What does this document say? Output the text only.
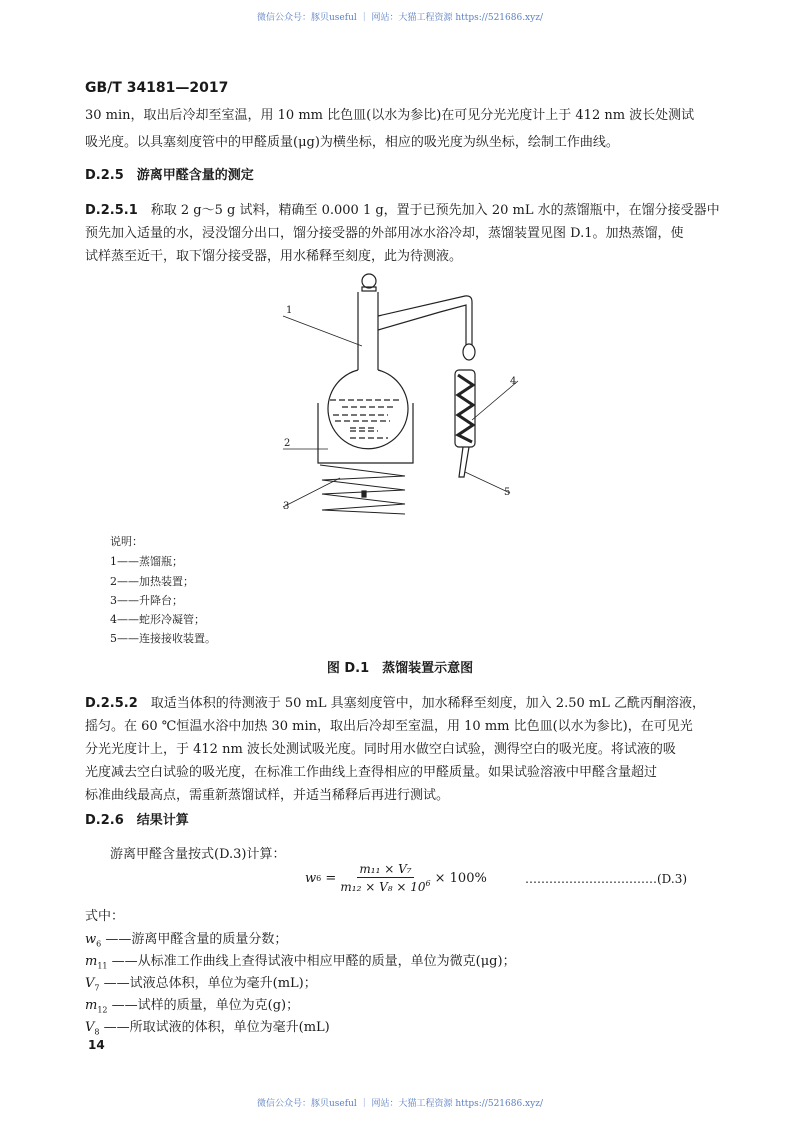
微信公众号：豚贝useful ｜ 网站：大猫工程资源 https://521686.xyz/
GB/T 34181—2017
30 min，取出后冷却至室温，用 10 mm 比色皿(以水为参比)在可见分光光度计上于 412 nm 波长处测试
吸光度。以具塞刻度管中的甲醛质量(μg)为横坐标，相应的吸光度为纵坐标，绘制工作曲线。
D.2.5　 游离甲醛含量的测定
D.2.5.1　 称取 2 g～5 g 试料，精确至 0.000 1 g，置于已预先加入 20 mL 水的蒸馏瓶中，在馏分接受器中
预先加入适量的水，浸没馏分出口，馏分接受器的外部用冰水浴冷却，蒸馏装置见图 D.1。加热蒸馏，使
试样蒸至近干，取下馏分接受器，用水稀释至刻度，此为待测液。
1
2
3
4
5
说明：
1——蒸馏瓶；
2——加热装置；
3——升降台；
4——蛇形冷凝管；
5——连接接收装置。
图 D.1　蒸馏装置示意图
D.2.5.2　 取适当体积的待测液于 50 mL 具塞刻度管中，加水稀释至刻度，加入 2.50 mL 乙酰丙酮溶液，
摇匀。在 60 ℃恒温水浴中加热 30 min，取出后冷却至室温，用 10 mm 比色皿(以水为参比)，在可见光
分光光度计上，于 412 nm 波长处测试吸光度。同时用水做空白试验，测得空白的吸光度。将试液的吸
光度减去空白试验的吸光度，在标准工作曲线上查得相应的甲醛质量。如果试验溶液中甲醛含量超过
标准曲线最高点，需重新蒸馏试样，并适当稀释后再进行测试。
D.2.6　 结果计算
游离甲醛含量按式(D.3)计算：
w $6 = \frac{\text{m₁₁ × V₇}}{m_{12} \times V_8 \times 10^6} \times 100\%$	……………………………(D.3)
式中：
$w_6$ ——游离甲醛含量的质量分数；
$m_{11}$ ——从标准工作曲线上查得试液中相应甲醛的质量，单位为微克(μg)；
$V_7$ ——试液总体积，单位为毫升(mL)；
$m_{12}$ ——试样的质量，单位为克(g)；
$V_8$ ——所取试液的体积，单位为毫升(mL)
14
微信公众号：豚贝useful ｜ 网站：大猫工程资源 https://521686.xyz/
